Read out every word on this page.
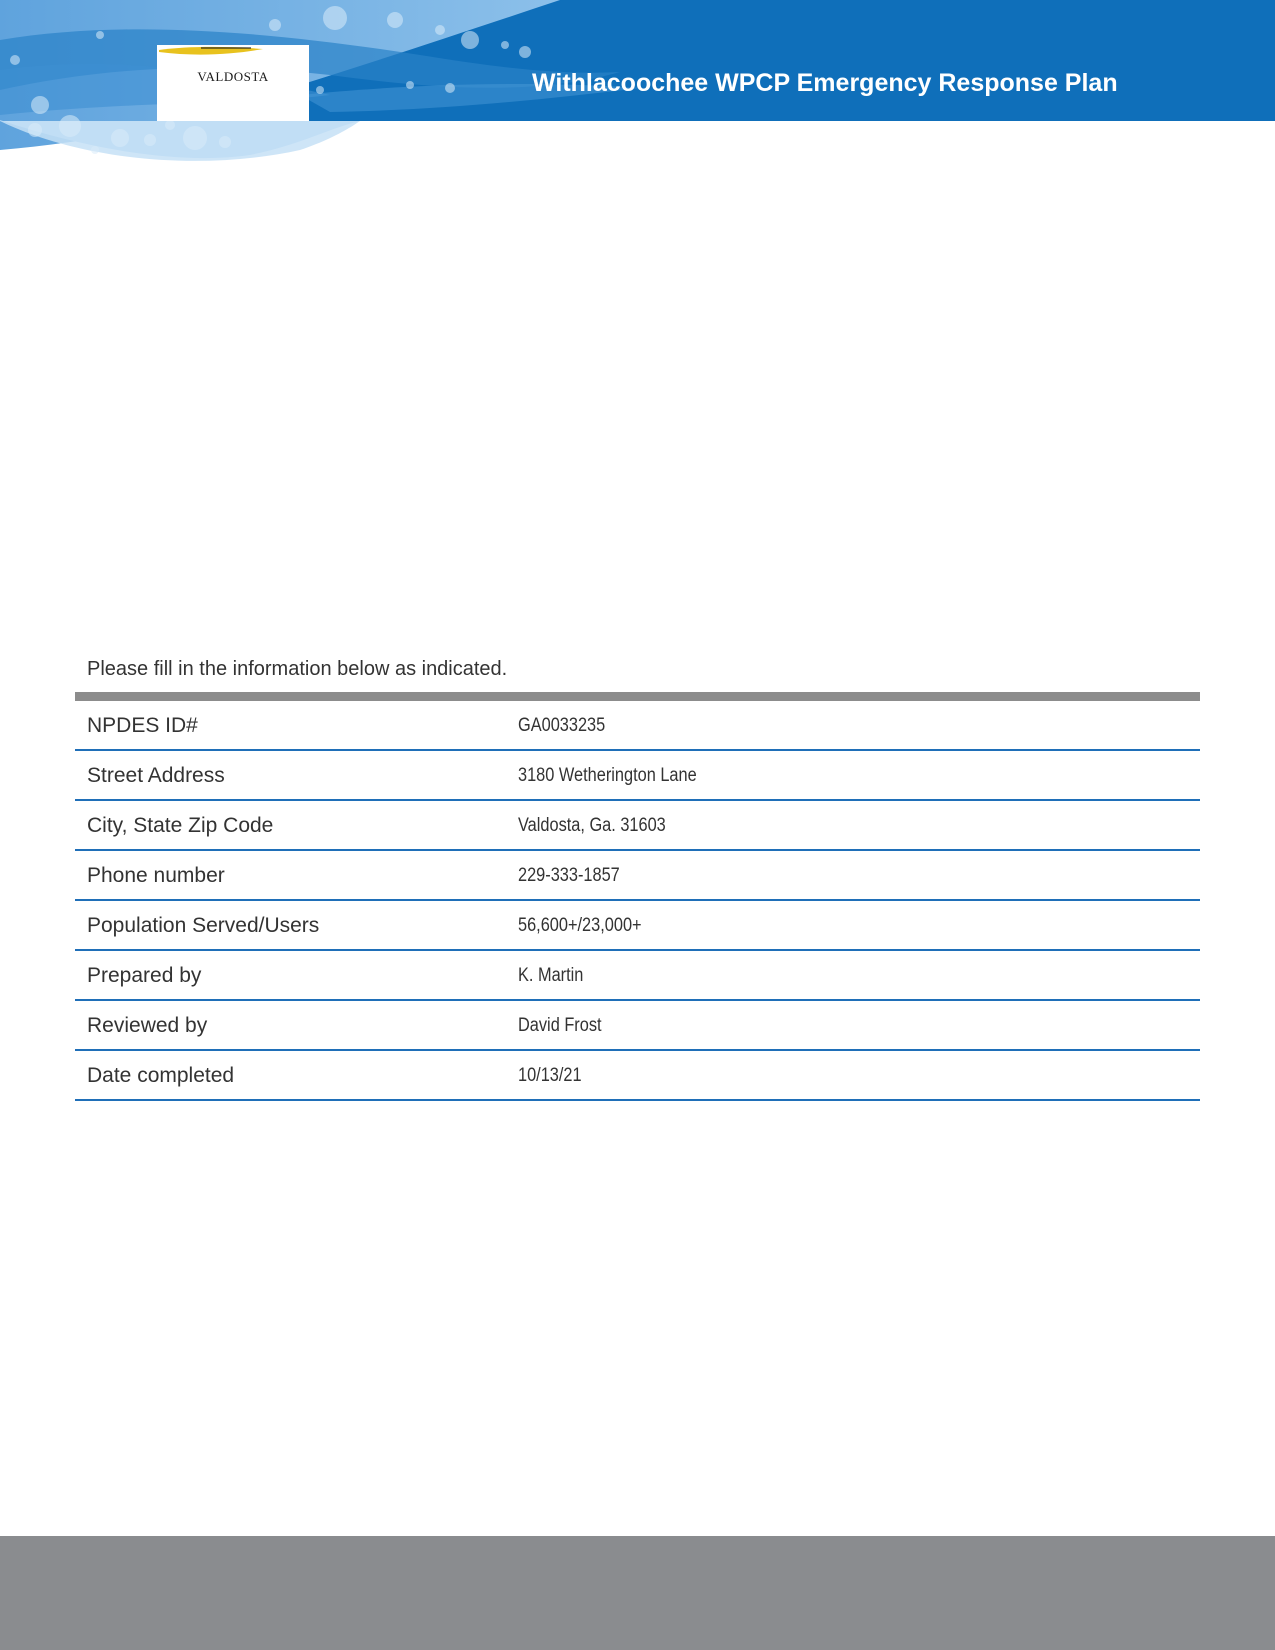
VALDOSTA	Withlacoochee WPCP Emergency Response Plan
Please fill in the information below as indicated.
NPDES ID#	GA0033235
Street Address	3180 Wetherington Lane
City, State Zip Code	Valdosta, Ga. 31603
Phone number	229-333-1857
Population Served/Users	56,600+/23,000+
Prepared by	K. Martin
Reviewed by	David Frost
Date completed	10/13/21
